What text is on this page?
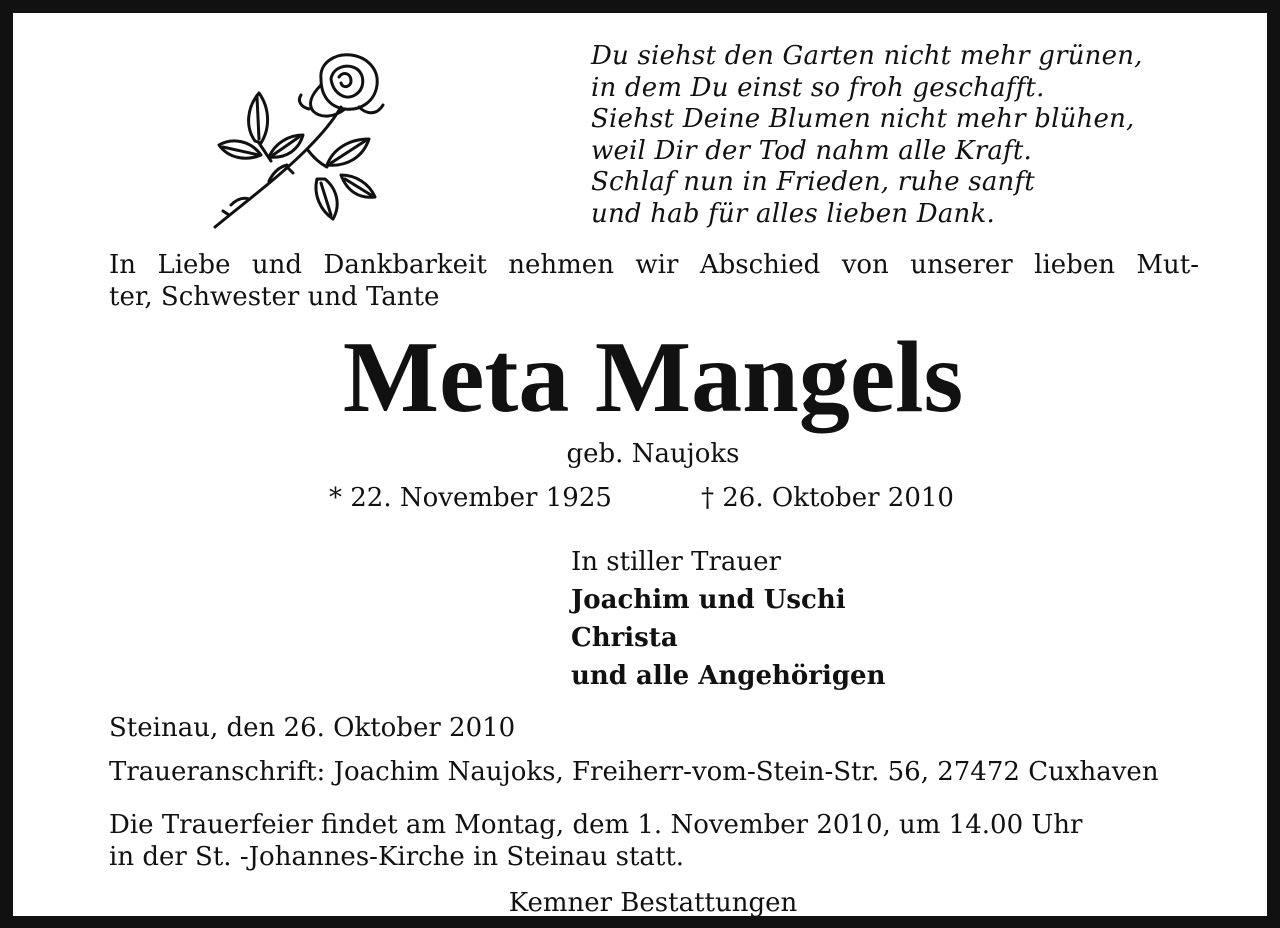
Du siehst den Garten nicht mehr grünen,
in dem Du einst so froh geschafft.
Siehst Deine Blumen nicht mehr blühen,
weil Dir der Tod nahm alle Kraft.
Schlaf nun in Frieden, ruhe sanft
und hab für alles lieben Dank.
In Liebe und Dankbarkeit nehmen wir Abschied von unserer lieben Mut-
ter, Schwester und Tante
Meta Mangels
geb. Naujoks
* 22. November 1925	† 26. Oktober 2010
In stiller Trauer
Joachim und Uschi
Christa
und alle Angehörigen
Steinau, den 26. Oktober 2010
Traueranschrift: Joachim Naujoks, Freiherr-vom-Stein-Str. 56, 27472 Cuxhaven
Die Trauerfeier findet am Montag, dem 1. November 2010, um 14.00 Uhr
in der St. -Johannes-Kirche in Steinau statt.
Kemner Bestattungen
